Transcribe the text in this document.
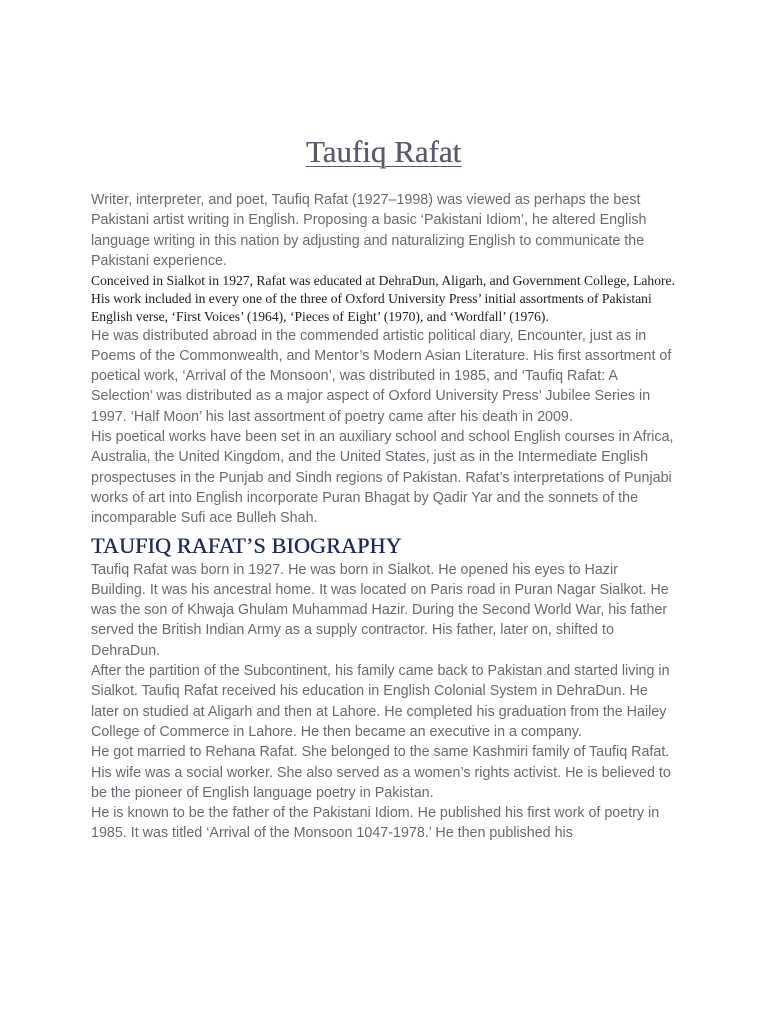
Taufiq Rafat

Writer, interpreter, and poet, Taufiq Rafat (1927–1998) was viewed as perhaps the best Pakistani artist writing in English. Proposing a basic ‘Pakistani Idiom’, he altered English language writing in this nation by adjusting and naturalizing English to communicate the Pakistani experience.

Conceived in Sialkot in 1927, Rafat was educated at DehraDun, Aligarh, and Government College, Lahore. His work included in every one of the three of Oxford University Press’ initial assortments of Pakistani English verse, ‘First Voices’ (1964), ‘Pieces of Eight’ (1970), and ‘Wordfall’ (1976).

He was distributed abroad in the commended artistic political diary, Encounter, just as in Poems of the Commonwealth, and Mentor’s Modern Asian Literature. His first assortment of poetical work, ‘Arrival of the Monsoon’, was distributed in 1985, and ‘Taufiq Rafat: A Selection’ was distributed as a major aspect of Oxford University Press’ Jubilee Series in 1997. ‘Half Moon’ his last assortment of poetry came after his death in 2009.

His poetical works have been set in an auxiliary school and school English courses in Africa, Australia, the United Kingdom, and the United States, just as in the Intermediate English prospectuses in the Punjab and Sindh regions of Pakistan. Rafat’s interpretations of Punjabi works of art into English incorporate Puran Bhagat by Qadir Yar and the sonnets of the incomparable Sufi ace Bulleh Shah.

TAUFIQ RAFAT’S BIOGRAPHY

Taufiq Rafat was born in 1927. He was born in Sialkot. He opened his eyes to Hazir Building. It was his ancestral home. It was located on Paris road in Puran Nagar Sialkot. He was the son of Khwaja Ghulam Muhammad Hazir. During the Second World War, his father served the British Indian Army as a supply contractor. His father, later on, shifted to DehraDun.

After the partition of the Subcontinent, his family came back to Pakistan and started living in Sialkot. Taufiq Rafat received his education in English Colonial System in DehraDun. He later on studied at Aligarh and then at Lahore. He completed his graduation from the Hailey College of Commerce in Lahore. He then became an executive in a company.

He got married to Rehana Rafat. She belonged to the same Kashmiri family of Taufiq Rafat. His wife was a social worker. She also served as a women’s rights activist. He is believed to be the pioneer of English language poetry in Pakistan.

He is known to be the father of the Pakistani Idiom. He published his first work of poetry in 1985. It was titled ‘Arrival of the Monsoon 1047-1978.’ He then published his
